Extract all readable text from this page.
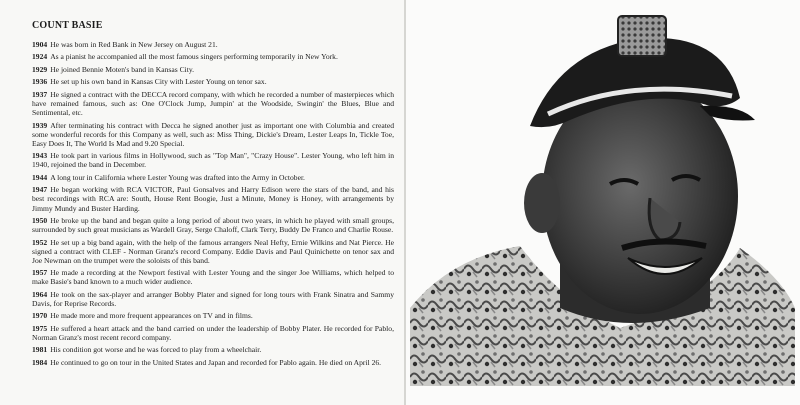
COUNT BASIE

1904 He was born in Red Bank in New Jersey on August 21.

1924 As a pianist he accompanied all the most famous singers performing temporarily in New York.

1929 He joined Bennie Moten's band in Kansas City.

1936 He set up his own band in Kansas City with Lester Young on tenor sax.

1937 He signed a contract with the DECCA record company, with which he recorded a number of masterpieces which have remained famous, such as: One O'Clock Jump, Jumpin' at the Woodside, Swingin' the Blues, Blue and Sentimental, etc.

1939 After terminating his contract with Decca he signed another just as important one with Columbia and created some wonderful records for this Company as well, such as: Miss Thing, Dickie's Dream, Lester Leaps In, Tickle Toe, Easy Does It, The World Is Mad and 9.20 Special.

1943 He took part in various films in Hollywood, such as "Top Man", "Crazy House". Lester Young, who left him in 1940, rejoined the band in December.

1944 A long tour in California where Lester Young was drafted into the Army in October.

1947 He began working with RCA VICTOR, Paul Gonsalves and Harry Edison were the stars of the band, and his best recordings with RCA are: South, House Rent Boogie, Just a Minute, Money is Honey, with arrangements by Jimmy Mundy and Buster Harding.

1950 He broke up the band and began quite a long period of about two years, in which he played with small groups, surrounded by such great musicians as Wardell Gray, Serge Chaloff, Clark Terry, Buddy De Franco and Charlie Rouse.

1952 He set up a big band again, with the help of the famous arrangers Neal Hefty, Ernie Wilkins and Nat Pierce. He signed a contract with CLEF - Norman Granz's record Company. Eddie Davis and Paul Quinichette on tenor sax and Joe Newman on the trumpet were the soloists of this band.

1957 He made a recording at the Newport festival with Lester Young and the singer Joe Williams, which helped to make Basie's band known to a much wider audience.

1964 He took on the sax-player and arranger Bobby Plater and signed for long tours with Frank Sinatra and Sammy Davis, for Reprise Records.

1970 He made more and more frequent appearances on TV and in films.

1975 He suffered a heart attack and the band carried on under the leadership of Bobby Plater. He recorded for Pablo, Norman Granz's most recent record company.

1981 His condition got worse and he was forced to play from a wheelchair.

1984 He continued to go on tour in the United States and Japan and recorded for Pablo again. He died on April 26.
